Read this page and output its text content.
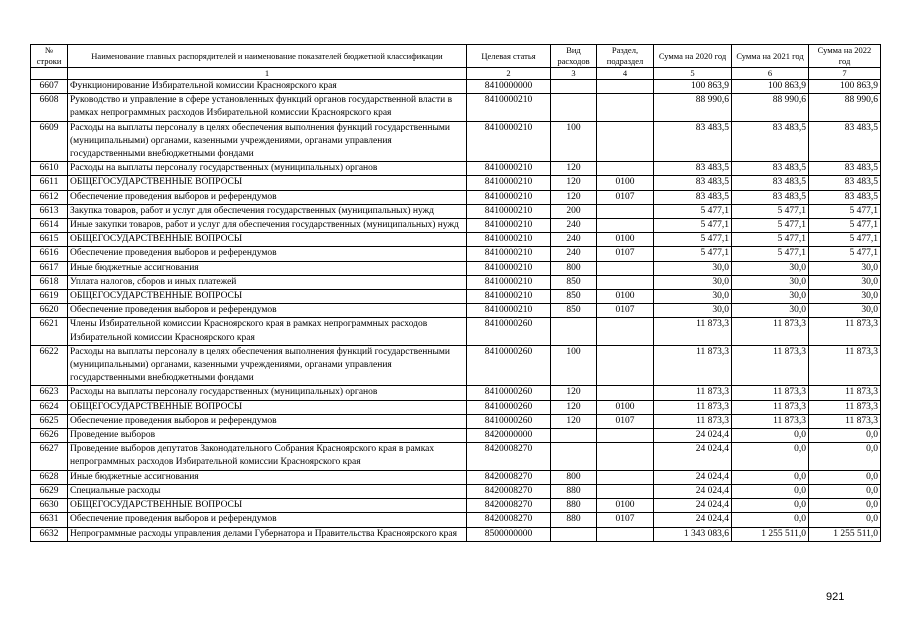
№ строки	Наименование главных распорядителей и наименование показателей бюджетной классификации	Целевая статья	Вид расходов	Раздел, подраздел	Сумма на 2020 год	Сумма на 2021 год	Сумма на 2022 год
	1	2	3	4	5	6	7
6607	Функционирование Избирательной комиссии Красноярского края	8410000000			100 863,9	100 863,9	100 863,9
6608	Руководство и управление в сфере установленных функций органов государственной власти в рамках непрограммных расходов Избирательной комиссии Красноярского края	8410000210			88 990,6	88 990,6	88 990,6
6609	Расходы на выплаты персоналу в целях обеспечения выполнения функций государственными (муниципальными) органами, казенными учреждениями, органами управления государственными внебюджетными фондами	8410000210	100		83 483,5	83 483,5	83 483,5
6610	Расходы на выплаты персоналу государственных (муниципальных) органов	8410000210	120		83 483,5	83 483,5	83 483,5
6611	ОБЩЕГОСУДАРСТВЕННЫЕ ВОПРОСЫ	8410000210	120	0100	83 483,5	83 483,5	83 483,5
6612	Обеспечение проведения выборов и референдумов	8410000210	120	0107	83 483,5	83 483,5	83 483,5
6613	Закупка товаров, работ и услуг для обеспечения государственных (муниципальных) нужд	8410000210	200		5 477,1	5 477,1	5 477,1
6614	Иные закупки товаров, работ и услуг для обеспечения государственных (муниципальных) нужд	8410000210	240		5 477,1	5 477,1	5 477,1
6615	ОБЩЕГОСУДАРСТВЕННЫЕ ВОПРОСЫ	8410000210	240	0100	5 477,1	5 477,1	5 477,1
6616	Обеспечение проведения выборов и референдумов	8410000210	240	0107	5 477,1	5 477,1	5 477,1
6617	Иные бюджетные ассигнования	8410000210	800		30,0	30,0	30,0
6618	Уплата налогов, сборов и иных платежей	8410000210	850		30,0	30,0	30,0
6619	ОБЩЕГОСУДАРСТВЕННЫЕ ВОПРОСЫ	8410000210	850	0100	30,0	30,0	30,0
6620	Обеспечение проведения выборов и референдумов	8410000210	850	0107	30,0	30,0	30,0
6621	Члены Избирательной комиссии Красноярского края в рамках непрограммных расходов Избирательной комиссии Красноярского края	8410000260			11 873,3	11 873,3	11 873,3
6622	Расходы на выплаты персоналу в целях обеспечения выполнения функций государственными (муниципальными) органами, казенными учреждениями, органами управления государственными внебюджетными фондами	8410000260	100		11 873,3	11 873,3	11 873,3
6623	Расходы на выплаты персоналу государственных (муниципальных) органов	8410000260	120		11 873,3	11 873,3	11 873,3
6624	ОБЩЕГОСУДАРСТВЕННЫЕ ВОПРОСЫ	8410000260	120	0100	11 873,3	11 873,3	11 873,3
6625	Обеспечение проведения выборов и референдумов	8410000260	120	0107	11 873,3	11 873,3	11 873,3
6626	Проведение выборов	8420000000			24 024,4	0,0	0,0
6627	Проведение выборов депутатов Законодательного Собрания Красноярского края в рамках непрограммных расходов Избирательной комиссии Красноярского края	8420008270			24 024,4	0,0	0,0
6628	Иные бюджетные ассигнования	8420008270	800		24 024,4	0,0	0,0
6629	Специальные расходы	8420008270	880		24 024,4	0,0	0,0
6630	ОБЩЕГОСУДАРСТВЕННЫЕ ВОПРОСЫ	8420008270	880	0100	24 024,4	0,0	0,0
6631	Обеспечение проведения выборов и референдумов	8420008270	880	0107	24 024,4	0,0	0,0
6632	Непрограммные расходы управления делами Губернатора и Правительства Красноярского края	8500000000			1 343 083,6	1 255 511,0	1 255 511,0
921
